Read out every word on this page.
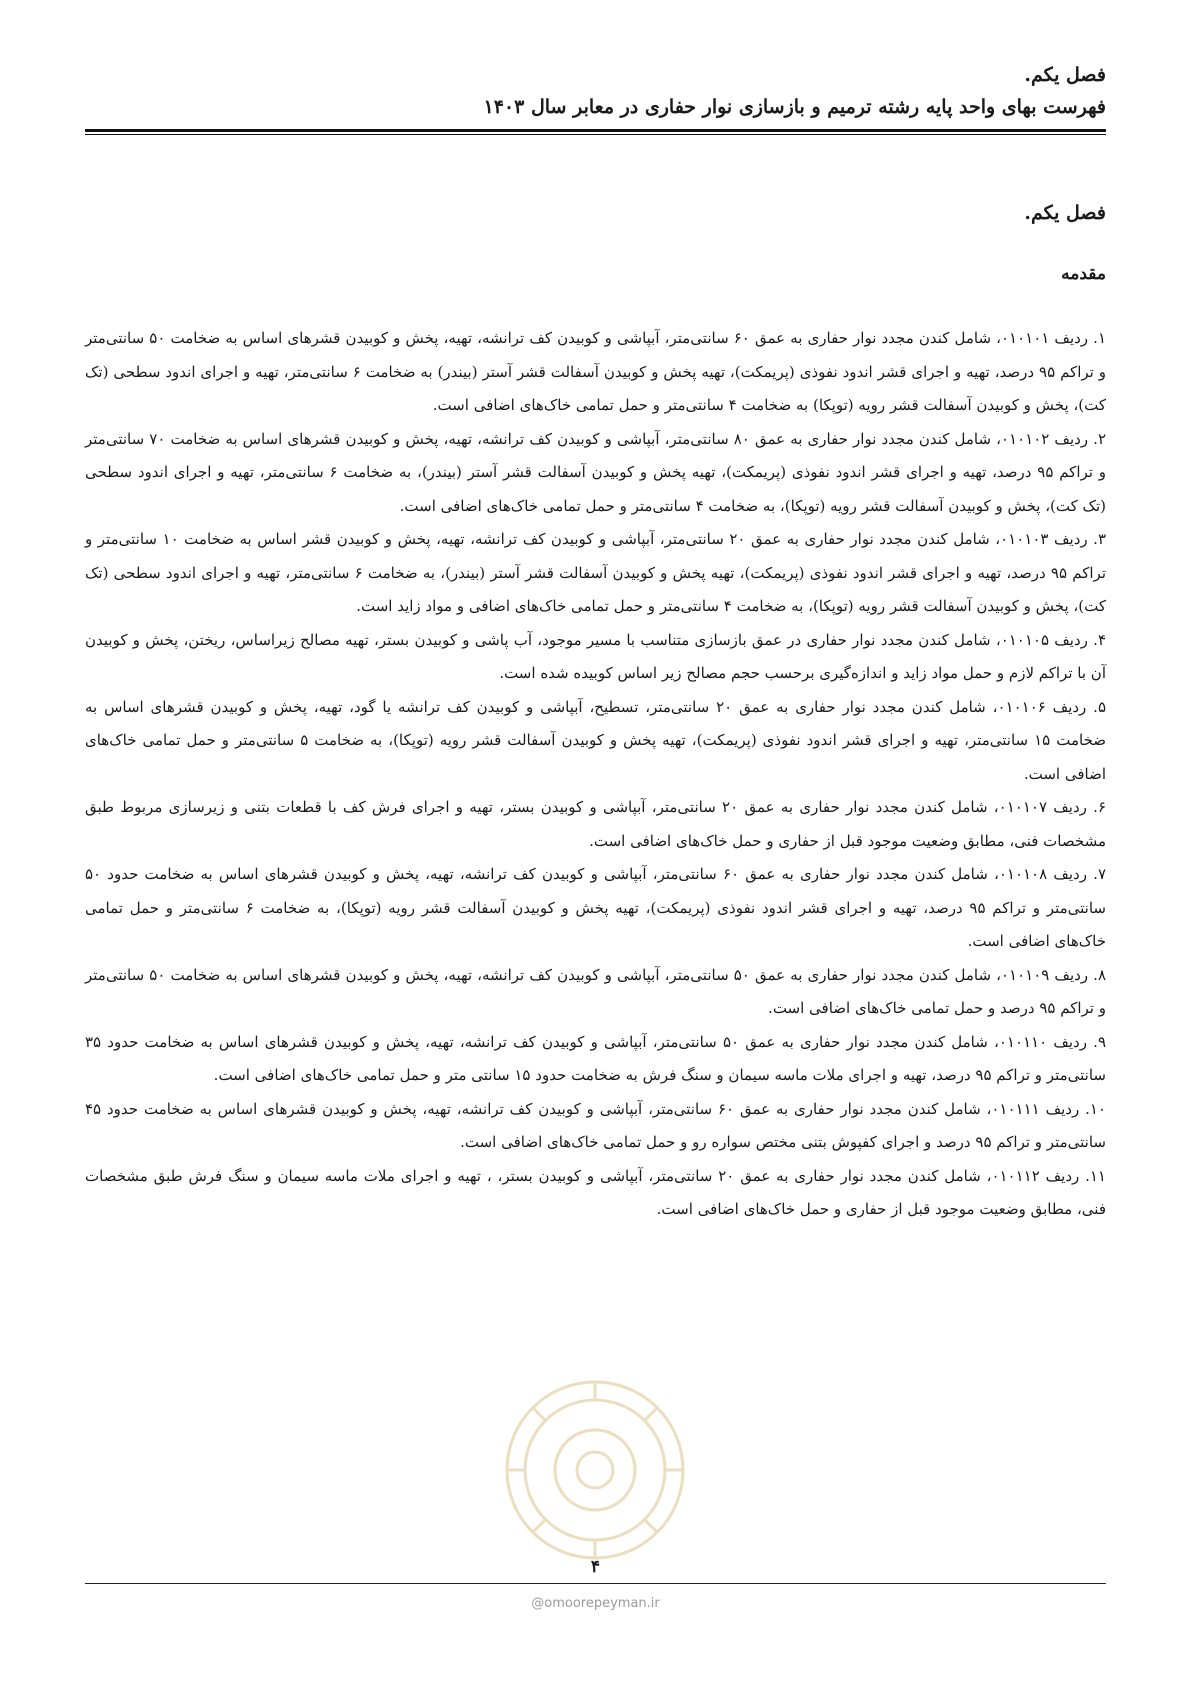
فصل یکم.
فهرست بهای واحد پایه رشته ترمیم و بازسازی نوار حفاری در معابر سال ۱۴۰۳
فصل یکم.
مقدمه

۱. ردیف ۰۱۰۱۰۱، شامل کندن مجدد نوار حفاری به عمق ۶۰ سانتی‌متر، آبپاشی و کوبیدن کف ترانشه، تهیه، پخش و کوبیدن قشرهای اساس به ضخامت ۵۰ سانتی‌متر و تراکم ۹۵ درصد، تهیه و اجرای قشر اندود نفوذی (پریمکت)، تهیه پخش و کوبیدن آسفالت قشر آستر (بیندر) به ضخامت ۶ سانتی‌متر، تهیه و اجرای اندود سطحی (تک کت)، پخش و کوبیدن آسفالت قشر رویه (توپکا) به ضخامت ۴ سانتی‌متر و حمل تمامی خاک‌های اضافی است.

۲. ردیف ۰۱۰۱۰۲، شامل کندن مجدد نوار حفاری به عمق ۸۰ سانتی‌متر، آبپاشی و کوبیدن کف ترانشه، تهیه، پخش و کوبیدن قشرهای اساس به ضخامت ۷۰ سانتی‌متر و تراکم ۹۵ درصد، تهیه و اجرای قشر اندود نفوذی (پریمکت)، تهیه پخش و کوبیدن آسفالت قشر آستر (بیندر)، به ضخامت ۶ سانتی‌متر، تهیه و اجرای اندود سطحی (تک کت)، پخش و کوبیدن آسفالت قشر رویه (توپکا)، به ضخامت ۴ سانتی‌متر و حمل تمامی خاک‌های اضافی است.

۳. ردیف ۰۱۰۱۰۳، شامل کندن مجدد نوار حفاری به عمق ۲۰ سانتی‌متر، آبپاشی و کوبیدن کف ترانشه، تهیه، پخش و کوبیدن قشر اساس به ضخامت ۱۰ سانتی‌متر و تراکم ۹۵ درصد، تهیه و اجرای قشر اندود نفوذی (پریمکت)، تهیه پخش و کوبیدن آسفالت قشر آستر (بیندر)، به ضخامت ۶ سانتی‌متر، تهیه و اجرای اندود سطحی (تک کت)، پخش و کوبیدن آسفالت قشر رویه (توپکا)، به ضخامت ۴ سانتی‌متر و حمل تمامی خاک‌های اضافی و مواد زاید است.

۴. ردیف ۰۱۰۱۰۵، شامل کندن مجدد نوار حفاری در عمق بازسازی متناسب با مسیر موجود، آب پاشی و کوبیدن بستر، تهیه مصالح زیراساس، ریختن، پخش و کوبیدن آن با تراکم لازم و حمل مواد زاید و اندازه‌گیری برحسب حجم مصالح زیر اساس کوبیده شده است.

۵. ردیف ۰۱۰۱۰۶، شامل کندن مجدد نوار حفاری به عمق ۲۰ سانتی‌متر، تسطیح، آبپاشی و کوبیدن کف ترانشه یا گود، تهیه، پخش و کوبیدن قشرهای اساس به ضخامت ۱۵ سانتی‌متر، تهیه و اجرای قشر اندود نفوذی (پریمکت)، تهیه پخش و کوبیدن آسفالت قشر رویه (توپکا)، به ضخامت ۵ سانتی‌متر و حمل تمامی خاک‌های اضافی است.

۶. ردیف ۰۱۰۱۰۷، شامل کندن مجدد نوار حفاری به عمق ۲۰ سانتی‌متر، آبپاشی و کوبیدن بستر، تهیه و اجرای فرش کف با قطعات بتنی و زیرسازی مربوط طبق مشخصات فنی، مطابق وضعیت موجود قبل از حفاری و حمل خاک‌های اضافی است.

۷. ردیف ۰۱۰۱۰۸، شامل کندن مجدد نوار حفاری به عمق ۶۰ سانتی‌متر، آبپاشی و کوبیدن کف ترانشه، تهیه، پخش و کوبیدن قشرهای اساس به ضخامت حدود ۵۰ سانتی‌متر و تراکم ۹۵ درصد، تهیه و اجرای قشر اندود نفوذی (پریمکت)، تهیه پخش و کوبیدن آسفالت قشر رویه (توپکا)، به ضخامت ۶ سانتی‌متر و حمل تمامی خاک‌های اضافی است.

۸. ردیف ۰۱۰۱۰۹، شامل کندن مجدد نوار حفاری به عمق ۵۰ سانتی‌متر، آبپاشی و کوبیدن کف ترانشه، تهیه، پخش و کوبیدن قشرهای اساس به ضخامت ۵۰ سانتی‌متر و تراکم ۹۵ درصد و حمل تمامی خاک‌های اضافی است.

۹. ردیف ۰۱۰۱۱۰، شامل کندن مجدد نوار حفاری به عمق ۵۰ سانتی‌متر، آبپاشی و کوبیدن کف ترانشه، تهیه، پخش و کوبیدن قشرهای اساس به ضخامت حدود ۳۵ سانتی‌متر و تراکم ۹۵ درصد، تهیه و اجرای ملات ماسه سیمان و سنگ فرش به ضخامت حدود ۱۵ سانتی متر و حمل تمامی خاک‌های اضافی است.

۱۰. ردیف ۰۱۰۱۱۱، شامل کندن مجدد نوار حفاری به عمق ۶۰ سانتی‌متر، آبپاشی و کوبیدن کف ترانشه، تهیه، پخش و کوبیدن قشرهای اساس به ضخامت حدود ۴۵ سانتی‌متر و تراکم ۹۵ درصد و اجرای کفپوش بتنی مختص سواره رو و حمل تمامی خاک‌های اضافی است.

۱۱. ردیف ۰۱۰۱۱۲، شامل کندن مجدد نوار حفاری به عمق ۲۰ سانتی‌متر، آبپاشی و کوبیدن بستر، ، تهیه و اجرای ملات ماسه سیمان و سنگ فرش طبق مشخصات فنی، مطابق وضعیت موجود قبل از حفاری و حمل خاک‌های اضافی است.

۴
@omoorepeyman.ir
